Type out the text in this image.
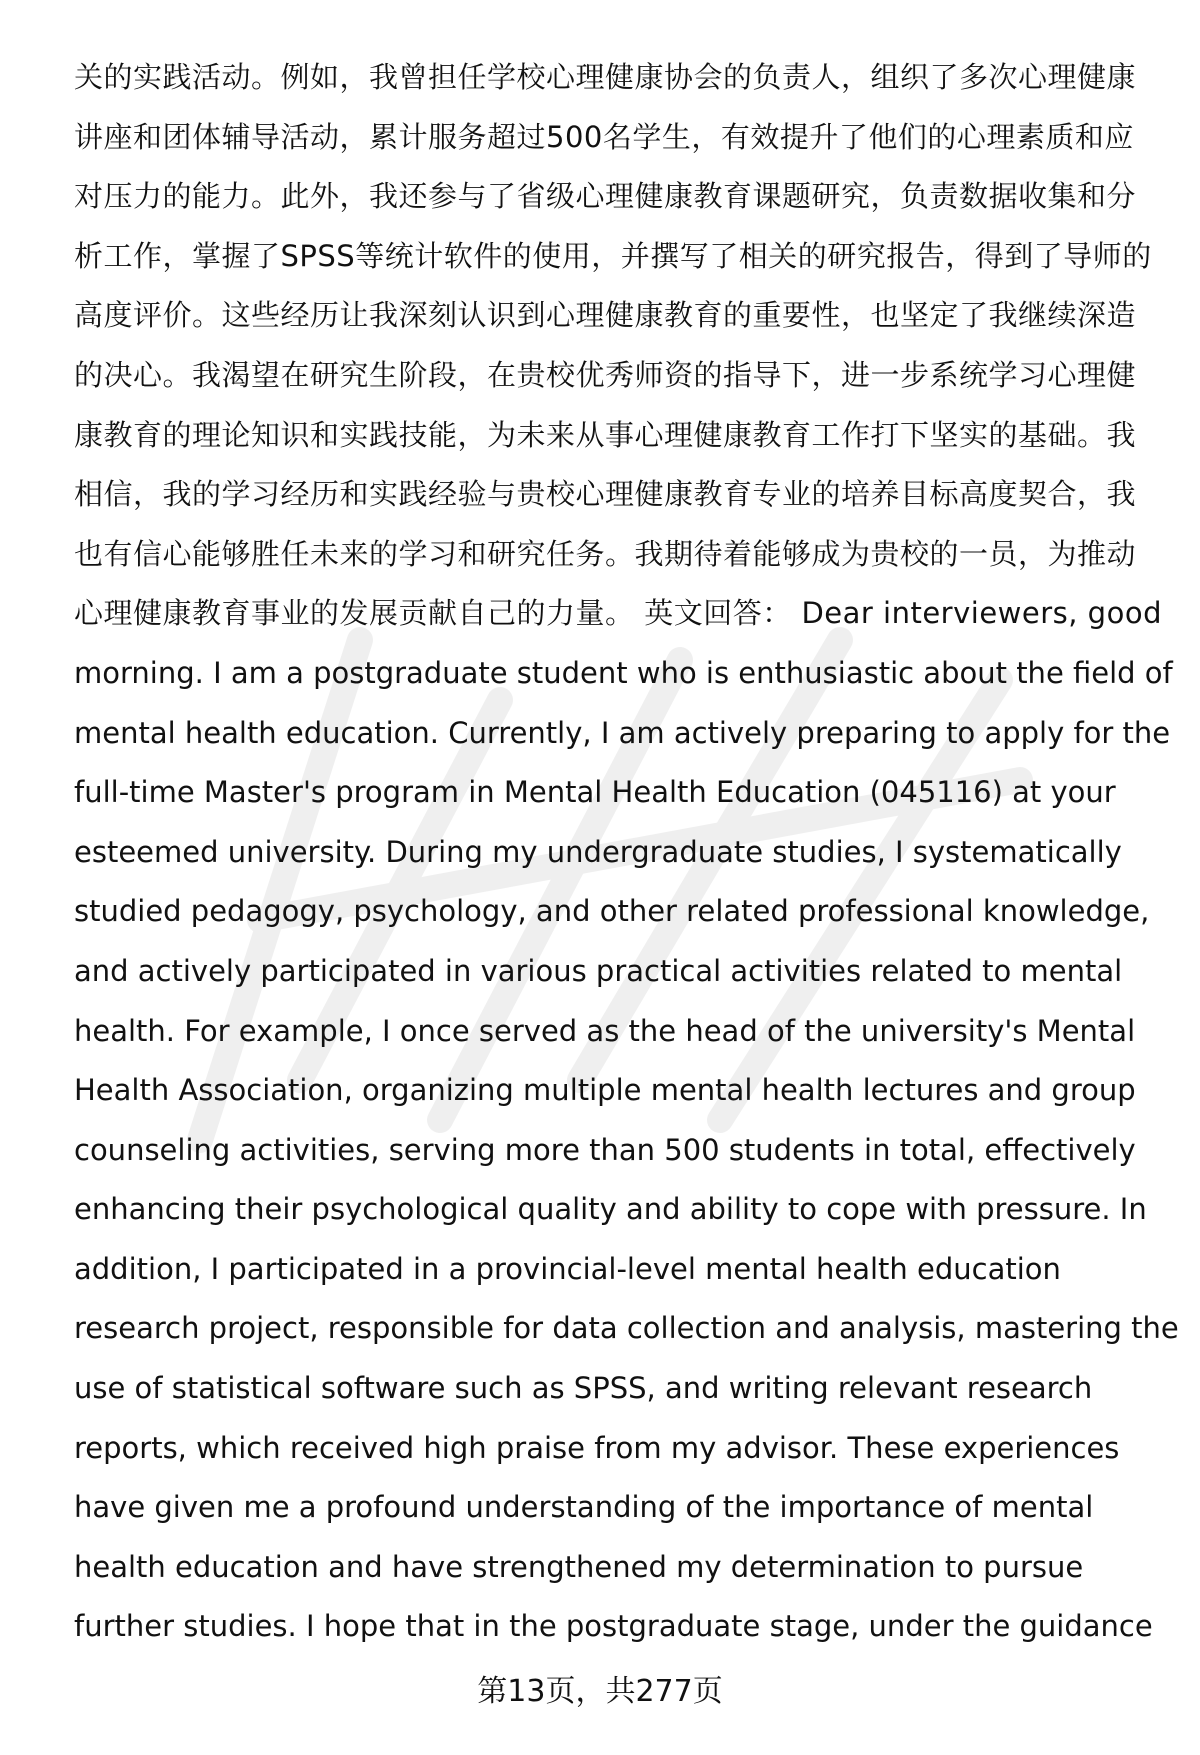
关的实践活动。例如，我曾担任学校心理健康协会的负责人，组织了多次心理健康
讲座和团体辅导活动，累计服务超过500名学生，有效提升了他们的心理素质和应
对压力的能力。此外，我还参与了省级心理健康教育课题研究，负责数据收集和分
析工作，掌握了SPSS等统计软件的使用，并撰写了相关的研究报告，得到了导师的
高度评价。这些经历让我深刻认识到心理健康教育的重要性，也坚定了我继续深造
的决心。我渴望在研究生阶段，在贵校优秀师资的指导下，进一步系统学习心理健
康教育的理论知识和实践技能，为未来从事心理健康教育工作打下坚实的基础。我
相信，我的学习经历和实践经验与贵校心理健康教育专业的培养目标高度契合，我
也有信心能够胜任未来的学习和研究任务。我期待着能够成为贵校的一员，为推动
心理健康教育事业的发展贡献自己的力量。 英文回答： Dear interviewers, good
morning. I am a postgraduate student who is enthusiastic about the field of
mental health education. Currently, I am actively preparing to apply for the
full-time Master's program in Mental Health Education (045116) at your
esteemed university. During my undergraduate studies, I systematically
studied pedagogy, psychology, and other related professional knowledge,
and actively participated in various practical activities related to mental
health. For example, I once served as the head of the university's Mental
Health Association, organizing multiple mental health lectures and group
counseling activities, serving more than 500 students in total, effectively
enhancing their psychological quality and ability to cope with pressure. In
addition, I participated in a provincial-level mental health education
research project, responsible for data collection and analysis, mastering the
use of statistical software such as SPSS, and writing relevant research
reports, which received high praise from my advisor. These experiences
have given me a profound understanding of the importance of mental
health education and have strengthened my determination to pursue
further studies. I hope that in the postgraduate stage, under the guidance
第13页，共277页
